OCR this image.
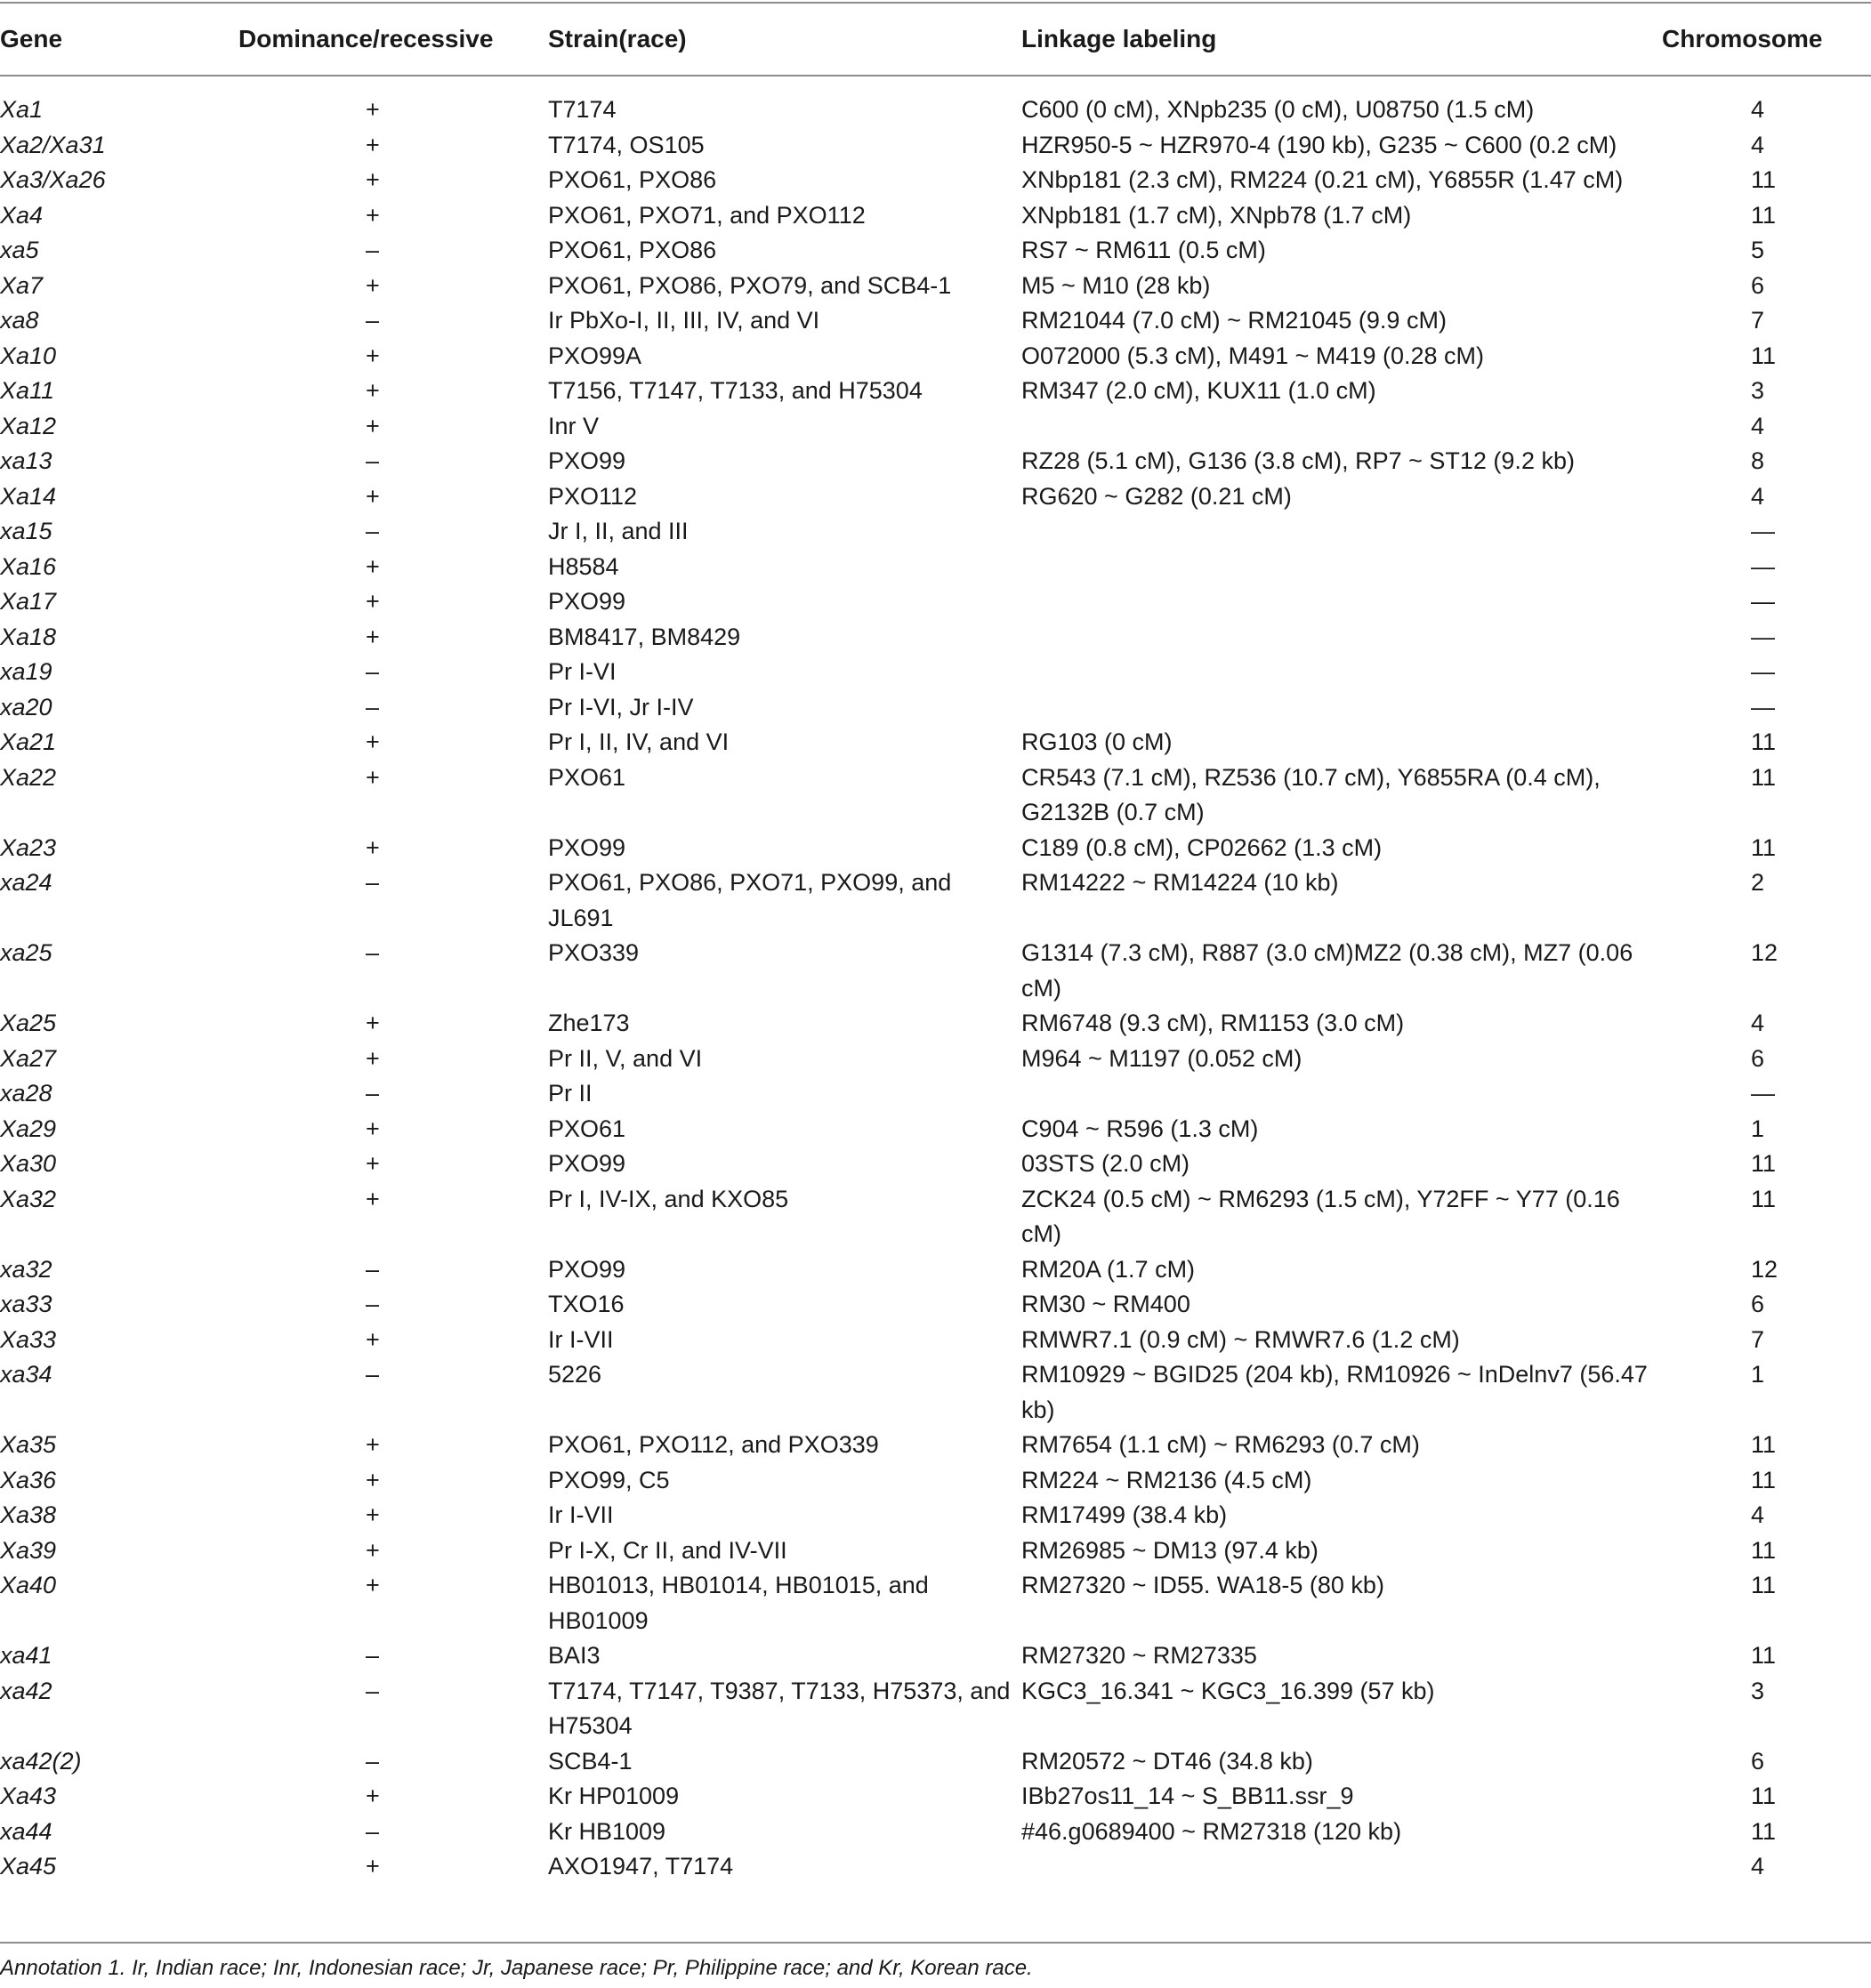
Gene	Dominance/recessive	Strain(race)	Linkage labeling	Chromosome
Xa1	+	T7174	C600 (0 cM), XNpb235 (0 cM), U08750 (1.5 cM)	4
Xa2/Xa31	+	T7174, OS105	HZR950-5 ~ HZR970-4 (190 kb), G235 ~ C600 (0.2 cM)	4
Xa3/Xa26	+	PXO61, PXO86	XNbp181 (2.3 cM), RM224 (0.21 cM), Y6855R (1.47 cM)	11
Xa4	+	PXO61, PXO71, and PXO112	XNpb181 (1.7 cM), XNpb78 (1.7 cM)	11
xa5	–	PXO61, PXO86	RS7 ~ RM611 (0.5 cM)	5
Xa7	+	PXO61, PXO86, PXO79, and SCB4-1	M5 ~ M10 (28 kb)	6
xa8	–	Ir PbXo-I, II, III, IV, and VI	RM21044 (7.0 cM) ~ RM21045 (9.9 cM)	7
Xa10	+	PXO99A	O072000 (5.3 cM), M491 ~ M419 (0.28 cM)	11
Xa11	+	T7156, T7147, T7133, and H75304	RM347 (2.0 cM), KUX11 (1.0 cM)	3
Xa12	+	Inr V		4
xa13	–	PXO99	RZ28 (5.1 cM), G136 (3.8 cM), RP7 ~ ST12 (9.2 kb)	8
Xa14	+	PXO112	RG620 ~ G282 (0.21 cM)	4
xa15	–	Jr I, II, and III		—
Xa16	+	H8584		—
Xa17	+	PXO99		—
Xa18	+	BM8417, BM8429		—
xa19	–	Pr I-VI		—
xa20	–	Pr I-VI, Jr I-IV		—
Xa21	+	Pr I, II, IV, and VI	RG103 (0 cM)	11
Xa22	+	PXO61	CR543 (7.1 cM), RZ536 (10.7 cM), Y6855RA (0.4 cM), G2132B (0.7 cM)	11
Xa23	+	PXO99	C189 (0.8 cM), CP02662 (1.3 cM)	11
xa24	–	PXO61, PXO86, PXO71, PXO99, and JL691	RM14222 ~ RM14224 (10 kb)	2
xa25	–	PXO339	G1314 (7.3 cM), R887 (3.0 cM)MZ2 (0.38 cM), MZ7 (0.06 cM)	12
Xa25	+	Zhe173	RM6748 (9.3 cM), RM1153 (3.0 cM)	4
Xa27	+	Pr II, V, and VI	M964 ~ M1197 (0.052 cM)	6
xa28	–	Pr II		—
Xa29	+	PXO61	C904 ~ R596 (1.3 cM)	1
Xa30	+	PXO99	03STS (2.0 cM)	11
Xa32	+	Pr I, IV-IX, and KXO85	ZCK24 (0.5 cM) ~ RM6293 (1.5 cM), Y72FF ~ Y77 (0.16 cM)	11
xa32	–	PXO99	RM20A (1.7 cM)	12
xa33	–	TXO16	RM30 ~ RM400	6
Xa33	+	Ir I-VII	RMWR7.1 (0.9 cM) ~ RMWR7.6 (1.2 cM)	7
xa34	–	5226	RM10929 ~ BGID25 (204 kb), RM10926 ~ InDelnv7 (56.47 kb)	1
Xa35	+	PXO61, PXO112, and PXO339	RM7654 (1.1 cM) ~ RM6293 (0.7 cM)	11
Xa36	+	PXO99, C5	RM224 ~ RM2136 (4.5 cM)	11
Xa38	+	Ir I-VII	RM17499 (38.4 kb)	4
Xa39	+	Pr I-X, Cr II, and IV-VII	RM26985 ~ DM13 (97.4 kb)	11
Xa40	+	HB01013, HB01014, HB01015, and HB01009	RM27320 ~ ID55. WA18-5 (80 kb)	11
xa41	–	BAI3	RM27320 ~ RM27335	11
xa42	–	T7174, T7147, T9387, T7133, H75373, and H75304	KGC3_16.341 ~ KGC3_16.399 (57 kb)	3
xa42(2)	–	SCB4-1	RM20572 ~ DT46 (34.8 kb)	6
Xa43	+	Kr HP01009	IBb27os11_14 ~ S_BB11.ssr_9	11
xa44	–	Kr HB1009	#46.g0689400 ~ RM27318 (120 kb)	11
Xa45	+	AXO1947, T7174		4
Annotation 1. Ir, Indian race; Inr, Indonesian race; Jr, Japanese race; Pr, Philippine race; and Kr, Korean race.
